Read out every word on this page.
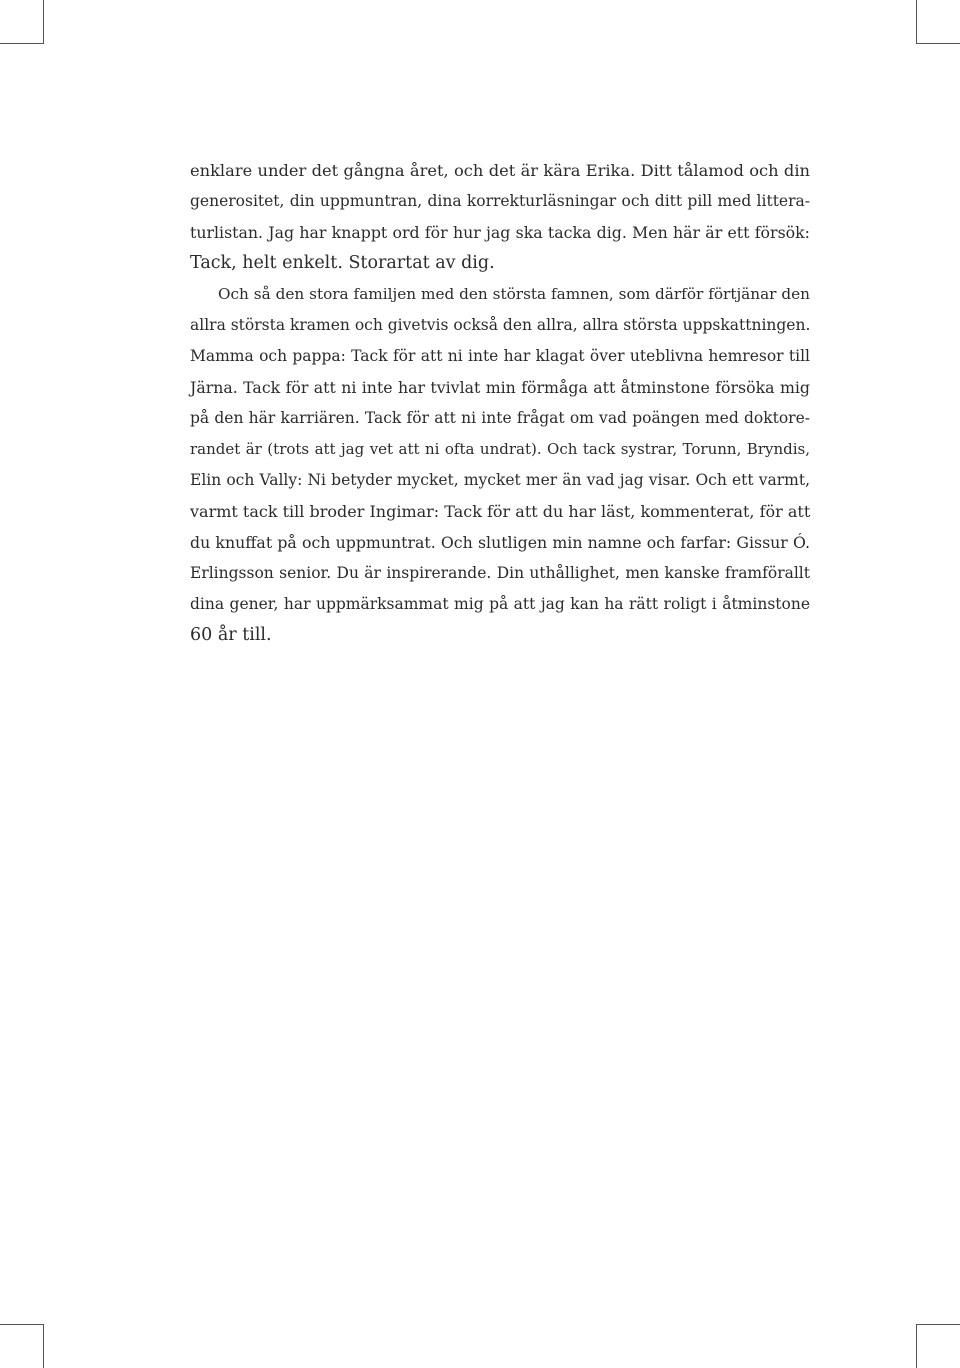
enklare under det gångna året, och det är kära Erika. Ditt tålamod och din
generositet, din uppmuntran, dina korrekturläsningar och ditt pill med littera-
turlistan. Jag har knappt ord för hur jag ska tacka dig. Men här är ett försök:
Tack, helt enkelt. Storartat av dig.
Och så den stora familjen med den största famnen, som därför förtjänar den
allra största kramen och givetvis också den allra, allra största uppskattningen.
Mamma och pappa: Tack för att ni inte har klagat över uteblivna hemresor till
Järna. Tack för att ni inte har tvivlat min förmåga att åtminstone försöka mig
på den här karriären. Tack för att ni inte frågat om vad poängen med doktore-
randet är (trots att jag vet att ni ofta undrat). Och tack systrar, Torunn, Bryndis,
Elin och Vally: Ni betyder mycket, mycket mer än vad jag visar. Och ett varmt,
varmt tack till broder Ingimar: Tack för att du har läst, kommenterat, för att
du knuffat på och uppmuntrat. Och slutligen min namne och farfar: Gissur Ó.
Erlingsson senior. Du är inspirerande. Din uthållighet, men kanske framförallt
dina gener, har uppmärksammat mig på att jag kan ha rätt roligt i åtminstone
60 år till.
